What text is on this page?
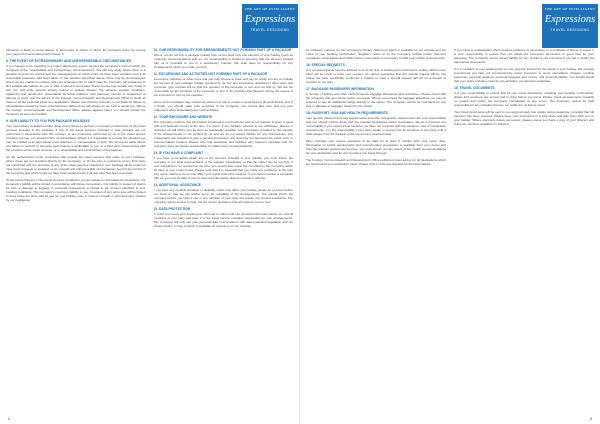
THE ART OF INTELLIGENT
Expressions
TRAVEL DESIGNING

behaviour is likely to cause danger or annoyance to others or where the Company does not receive your payment in accordance with Clause 5.

8. THE EVENT OF EXTRAORDINARY AND UNFORESEEABLE CIRCUMSTANCES

If you happen to be travelling in a region affected by events beyond the Company's control (which the Company terms "unavoidable and extraordinary circumstances"), this will only apply where there is a situation beyond our control and the consequences of which could not have been avoided even if all reasonable measures had been taken. In the situation described above, there may be circumstances where we are unable to continue with your arrangements, in which case the Company will endeavour to find suitable alternatives for you or offer a refund of sums paid. These events may include war, threat of war, riot, civil strife, terrorist activity, natural or nuclear disaster, fire, adverse weather conditions, epidemics and pandemics, unavoidable technical problems with transport, closure or congestion of airports or ports, and the advice of the Foreign, Commonwealth and Development Office to avoid all travel or all but essential travel to a destination. Please note that the Company is not liable for delays or cancellations caused by these circumstances, although we will always do our best to assist you. Where the Foreign, Commonwealth and Development Office advises against travel, you should contact the Company as soon as possible.

9. OUR LIABILITY TO YOU FOR PACKAGE HOLIDAYS

Your must inform us without undue delay of any failure to perform or improper performance of the travel services included in the package. If any of the travel services included in your package are not performed in accordance with this contract, or are improperly performed by us or the travel service providers we use, you should inform us immediately. Where it is impossible to remedy the situation you may be entitled to an appropriate price reduction or compensation or both. We will not be liable where any failure to perform or improper performance is attributable to you, to a third party unconnected with the provision of the travel services, or to unavoidable and extraordinary circumstances.

(a) the performance of the companies that provide the travel services that make up your package, where these are not provided directly by the Company; or (b) the acts or omissions of any third party not connected with the provision of any of the travel services included in your package which could not have been foreseen or avoided; or (c) unusual and unforeseeable circumstances beyond the control of the Company and which could not have been avoided even if all due care had been exercised.

To the extent that any of the travel services provided to you are subject to international conventions, the Company's liability will be limited in accordance with those conventions. Our liability in respect of claims for loss or damage to luggage or personal possessions is limited to the amount specified in your booking conditions. The Company's maximum liability to you in respect of any other loss will be limited to three times the price paid by you for your holiday, save in respect of death or personal injury caused by our negligence.

10. OUR RESPONSIBILITY FOR ARRANGEMENTS NOT FORMING PART OF A PACKAGE

Where you do not buy a package holiday from us but book only one element of your holiday (such as hotel-only accommodation) with us, our responsibility is limited to ensuring that the element booked with us is provided to you in a satisfactory manner. We shall have no responsibility for any arrangements which you make yourself.

11. EXCURSIONS AND ACTIVITIES NOT FORMING PART OF A PACKAGE

Excursions, activities or other tours that you may choose to book and pay for whilst you are on holiday are not part of your package holiday provided by us. For any excursions, activities or other tours that you book, your contract will be with the operator of the excursion or tour and not with us. We are not responsible for the provision of the excursion or tour or for anything that happens during the course of the excursion or tour by the operator.

Some accommodation may contain an element of risk or require a good level of physical fitness and, if in doubt, you should make prior enquiries of the Company. You should take care and use your judgement when undertaking any such activities.

12. YOUR BROCHURE AND WEBSITE

The Company confirms that information contained in our brochures and on our website is given in good faith and believed correct at the time it is given. If any facilities referred to are withdrawn, altered or restricted we will inform you as soon as reasonably possible. Any information provided by the supplier of the arrangements is not verified by us and we do not accept liability for any inaccuracies. Any photographs are intended to give a general impression only and may not represent the exact room or accommodation booked. Please note that standards and facilities vary between countries and the Company does not accept responsibility for differences in local standards.

13. IF YOU HAVE A COMPLAINT

If you have a complaint about any of the services included in your holiday, you must inform the Company or our local representative or the supplier immediately so that the matter can be put right. If your complaint is not resolved at the time, you should also report the complaint to the Company within 28 days of your return home. Please note that it is essential that you notify any problems at the time they occur; failure to do so may affect your rights under this contract. If you cannot resolve a complaint with us, you may be able to use an approved alternative dispute resolution scheme.

14. ADDITIONAL ASSISTANCE

If you have any medical condition or disability which may affect your holiday please let us know before you book so that we can advise as to the suitability of the arrangements. You should inform the Company before you book if you or any member of your party will require any special assistance. The Company will do its best to help, but we cannot guarantee that all requests can be met.

15. DATA PROTECTION

In order to process your booking we will need to collect and use personal information about you and all members of your party and pass it to the travel service providers responsible for your arrangements. The Company will only use your personal data in accordance with data protection legislation and our Privacy Policy, a copy of which is available on request or on our website.

2
THE ART OF INTELLIGENT
Expressions
TRAVEL DESIGNING

for whatever purpose for the Company's Privacy Statement which is available on our website and the notes of your booking confirmation. Suppliers relied on by the Company include hotels, transport companies, local agents and others whose cooperation is necessary to fulfil your holiday arrangements.

16. SPECIAL REQUESTS

Any special requests must be advised to us at the time of booking and confirmed in writing. Whilst every effort will be made to meet your request, we cannot guarantee that any special request will be met unless we have specifically confirmed it. Failure to meet a special request will not be a breach of contract on our part.

17. BAGGAGE PASSENGER INFORMATION

A number of airlines and other carriers impose baggage allowances and restrictions. Please check with the Company and your carrier before you travel. Where you exceed the baggage allowance you may be required to pay an additional charge directly to the carrier. The Company cannot be held liable for any loss or damage to baggage caused by the carrier.

18. PASSPORT, VISA AND HEALTH REQUIREMENTS

Your specific passport and visa requirements and other immigration requirements are your responsibility and you should confirm these with the relevant Embassies and/or Consulates. We do not accept any responsibility if you cannot travel because you have not complied with any passport, visa or immigration requirements. It is the responsibility of the party leader to ensure that all members of the party hold a valid passport for the duration of the trip and any required visas.

Most countries now require passports to be valid for at least 6 months after your return date. Information on health requirements and recommended precautions is available from your doctor and from the relevant government sources. You must ensure you are aware of any health recommendations for your destination and for any countries you travel through.

The Foreign, Commonwealth and Development Office publishes travel advice for all destinations which we recommend you read before travel. Please refer to fcdo.gov.uk/travel for the latest advice.

If you travel to a destination which requires evidence of vaccination or a certificate of fitness to travel, it is your responsibility to ensure that you obtain the necessary documents in good time for your departure. The Company cannot accept liability for any problems you encounter if you fail to obtain the appropriate documents.

It is a condition of your booking that you are properly insured for the whole of your holiday. We strongly recommend you take out comprehensive travel insurance to cover cancellation charges, medical expenses, personal accident, personal baggage and money, and personal liability. You should check that your policy includes cover for any activities you intend to undertake.

19. TRAVEL DOCUMENTS

It is your responsibility to ensure that all your travel documents, including your booking confirmation, tickets and vouchers, are correct and in order before you travel. Please check all documents carefully on receipt and inform the Company immediately of any errors. The Company cannot be held responsible for any mistakes that are not notified to us before travel.

Your travel documents will be sent to you approximately two weeks before departure, provided that full payment has been received. Please keep your documents in a safe place and take them with you on your holiday. Where electronic tickets are issued, please ensure you have a copy of your itinerary and reference numbers available for check-in.

3
